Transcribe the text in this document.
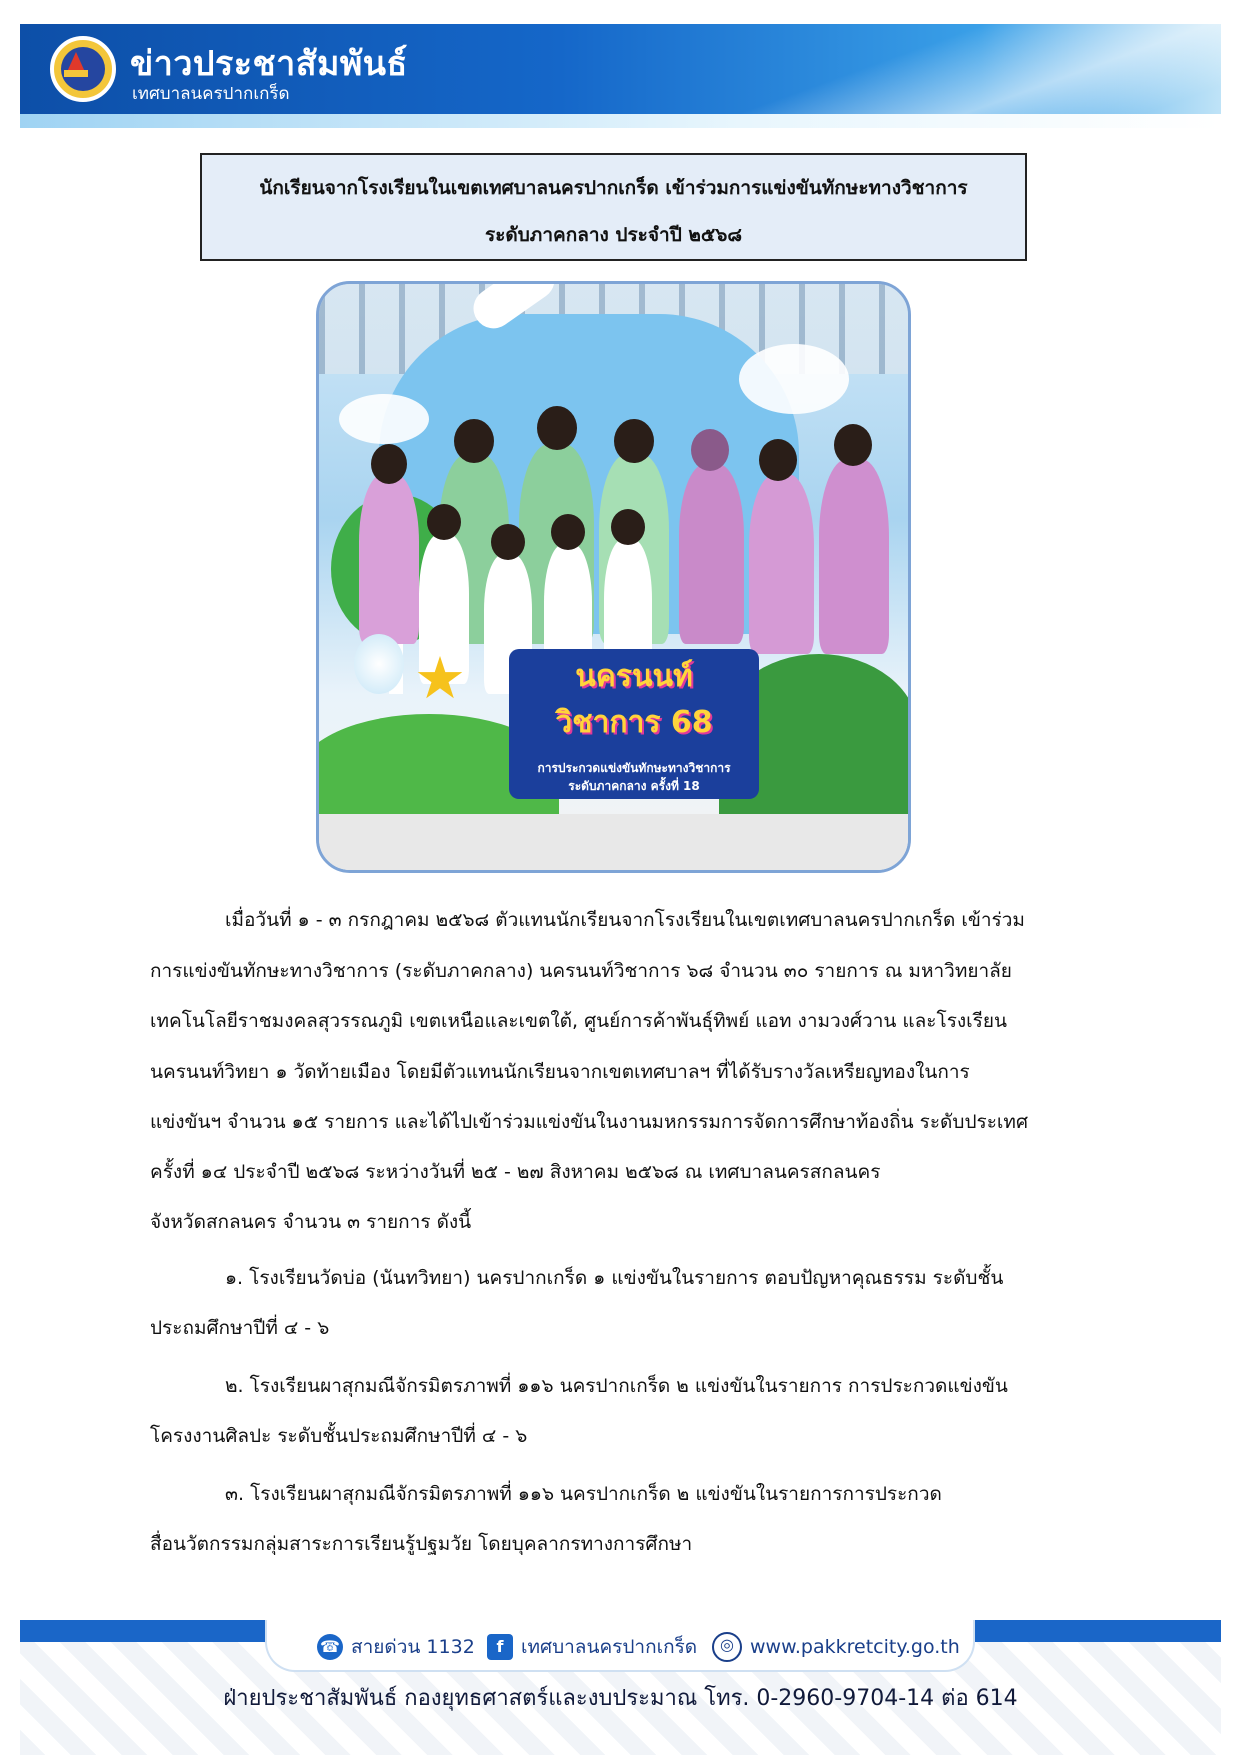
ข่าวประชาสัมพันธ์
เทศบาลนครปากเกร็ด
นักเรียนจากโรงเรียนในเขตเทศบาลนครปากเกร็ด เข้าร่วมการแข่งขันทักษะทางวิชาการ
ระดับภาคกลาง ประจำปี ๒๕๖๘
★	นครนนท์
วิชาการ 68
การประกวดแข่งขันทักษะทางวิชาการ
ระดับภาคกลาง ครั้งที่ 18
เมื่อวันที่ ๑ - ๓ กรกฎาคม ๒๕๖๘ ตัวแทนนักเรียนจากโรงเรียนในเขตเทศบาลนครปากเกร็ด เข้าร่วม
การแข่งขันทักษะทางวิชาการ (ระดับภาคกลาง) นครนนท์วิชาการ ๖๘ จำนวน ๓๐ รายการ ณ มหาวิทยาลัย
เทคโนโลยีราชมงคลสุวรรณภูมิ เขตเหนือและเขตใต้, ศูนย์การค้าพันธุ์ทิพย์ แอท งามวงศ์วาน และโรงเรียน
นครนนท์วิทยา ๑ วัดท้ายเมือง โดยมีตัวแทนนักเรียนจากเขตเทศบาลฯ ที่ได้รับรางวัลเหรียญทองในการ
แข่งขันฯ จำนวน ๑๕ รายการ และได้ไปเข้าร่วมแข่งขันในงานมหกรรมการจัดการศึกษาท้องถิ่น ระดับประเทศ
ครั้งที่ ๑๔ ประจำปี ๒๕๖๘ ระหว่างวันที่ ๒๕ - ๒๗ สิงหาคม ๒๕๖๘ ณ เทศบาลนครสกลนคร
จังหวัดสกลนคร จำนวน ๓ รายการ ดังนี้
๑. โรงเรียนวัดบ่อ (นันทวิทยา) นครปากเกร็ด ๑ แข่งขันในรายการ ตอบปัญหาคุณธรรม ระดับชั้น
ประถมศึกษาปีที่ ๔ - ๖
๒. โรงเรียนผาสุกมณีจักรมิตรภาพที่ ๑๑๖ นครปากเกร็ด ๒ แข่งขันในรายการ การประกวดแข่งขัน
โครงงานศิลปะ ระดับชั้นประถมศึกษาปีที่ ๔ - ๖
๓. โรงเรียนผาสุกมณีจักรมิตรภาพที่ ๑๑๖ นครปากเกร็ด ๒ แข่งขันในรายการการประกวด
สื่อนวัตกรรมกลุ่มสาระการเรียนรู้ปฐมวัย โดยบุคลากรทางการศึกษา
☎ สายด่วน 1132	f เทศบาลนครปากเกร็ด	◎ www.pakkretcity.go.th
ฝ่ายประชาสัมพันธ์ กองยุทธศาสตร์และงบประมาณ โทร. 0-2960-9704-14 ต่อ 614
